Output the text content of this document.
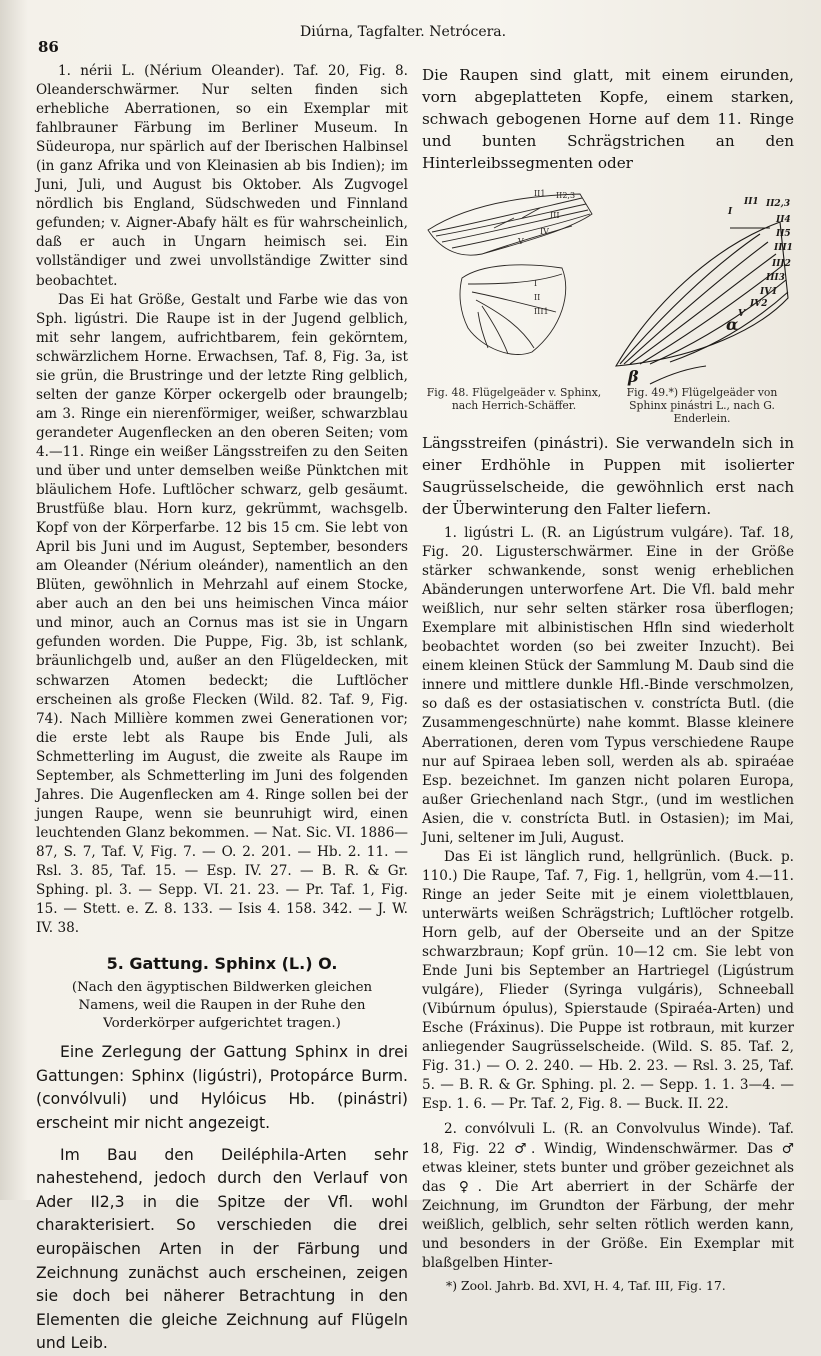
86
Diúrna, Tagfalter. Netrócera.

1. nérii L. (Nérium Oleander). Taf. 20, Fig. 8. Oleanderschwärmer. Nur selten finden sich erhebliche Aberrationen, so ein Exemplar mit fahlbrauner Färbung im Berliner Museum. In Südeuropa, nur spärlich auf der Iberischen Halbinsel (in ganz Afrika und von Kleinasien ab bis Indien); im Juni, Juli, und August bis Oktober. Als Zugvogel nördlich bis England, Südschweden und Finnland gefunden; v. Aigner-Abafy hält es für wahrscheinlich, daß er auch in Ungarn heimisch sei. Ein vollständiger und zwei unvollständige Zwitter sind beobachtet.

Das Ei hat Größe, Gestalt und Farbe wie das von Sph. ligústri. Die Raupe ist in der Jugend gelblich, mit sehr langem, aufrichtbarem, fein gekörntem, schwärzlichem Horne. Erwachsen, Taf. 8, Fig. 3a, ist sie grün, die Brustringe und der letzte Ring gelblich, selten der ganze Körper ockergelb oder braungelb; am 3. Ringe ein nierenförmiger, weißer, schwarzblau gerandeter Augenflecken an den oberen Seiten; vom 4.—11. Ringe ein weißer Längsstreifen zu den Seiten und über und unter demselben weiße Pünktchen mit bläulichem Hofe. Luftlöcher schwarz, gelb gesäumt. Brustfüße blau. Horn kurz, gekrümmt, wachsgelb. Kopf von der Körperfarbe. 12 bis 15 cm. Sie lebt von April bis Juni und im August, September, besonders am Oleander (Nérium oleánder), namentlich an den Blüten, gewöhnlich in Mehrzahl auf einem Stocke, aber auch an den bei uns heimischen Vinca máior und minor, auch an Cornus mas ist sie in Ungarn gefunden worden. Die Puppe, Fig. 3b, ist schlank, bräunlichgelb und, außer an den Flügeldecken, mit schwarzen Atomen bedeckt; die Luftlöcher erscheinen als große Flecken (Wild. 82. Taf. 9, Fig. 74). Nach Millière kommen zwei Generationen vor; die erste lebt als Raupe bis Ende Juli, als Schmetterling im August, die zweite als Raupe im September, als Schmetterling im Juni des folgenden Jahres. Die Augenflecken am 4. Ringe sollen bei der jungen Raupe, wenn sie beunruhigt wird, einen leuchtenden Glanz bekommen. — Nat. Sic. VI. 1886—87, S. 7, Taf. V, Fig. 7. — O. 2. 201. — Hb. 2. 11. — Rsl. 3. 85, Taf. 15. — Esp. IV. 27. — B. R. & Gr. Sphing. pl. 3. — Sepp. VI. 21. 23. — Pr. Taf. 1, Fig. 15. — Stett. e. Z. 8. 133. — Isis 4. 158. 342. — J. W. IV. 38.

5. Gattung. Sphinx (L.) O.
(Nach den ägyptischen Bildwerken gleichen Namens, weil die Raupen in der Ruhe den Vorderkörper aufgerichtet tragen.)

Eine Zerlegung der Gattung Sphinx in drei Gattungen: Sphinx (ligústri), Protopárce Burm. (convólvuli) und Hylóicus Hb. (pinástri) erscheint mir nicht angezeigt.

Im Bau den Deiléphila-Arten sehr nahestehend, jedoch durch den Verlauf von Ader II2,3 in die Spitze der Vfl. wohl charakterisiert. So verschieden die drei europäischen Arten in der Färbung und Zeichnung zunächst auch erscheinen, zeigen sie doch bei näherer Betrachtung in den Elementen die gleiche Zeichnung auf Flügeln und Leib.

Die Raupen sind glatt, mit einem eirunden, vorn abgeplatteten Kopfe, einem starken, schwach gebogenen Horne auf dem 11. Ringe und bunten Schrägstrichen an den Hinterleibssegmenten oder

II1 II2,3
III
IV
V
I
II
III1
Fig. 48. Flügelgeäder v. Sphinx, nach Herrich-Schäffer.
I
II1 II2,3
II4
II5
III1
III2
III3
IV1
IV2
V
α
β
Fig. 49.*) Flügelgeäder von Sphinx pinástri L., nach G. Enderlein.

Längsstreifen (pinástri). Sie verwandeln sich in einer Erdhöhle in Puppen mit isolierter Saugrüsselscheide, die gewöhnlich erst nach der Überwinterung den Falter liefern.

1. ligústri L. (R. an Ligústrum vulgáre). Taf. 18, Fig. 20. Ligusterschwärmer. Eine in der Größe stärker schwankende, sonst wenig erheblichen Abänderungen unterworfene Art. Die Vfl. bald mehr weißlich, nur sehr selten stärker rosa überflogen; Exemplare mit albinistischen Hfln sind wiederholt beobachtet worden (so bei zweiter Inzucht). Bei einem kleinen Stück der Sammlung M. Daub sind die innere und mittlere dunkle Hfl.-Binde verschmolzen, so daß es der ostasiatischen v. constrícta Butl. (die Zusammengeschnürte) nahe kommt. Blasse kleinere Aberrationen, deren vom Typus verschiedene Raupe nur auf Spiraea leben soll, werden als ab. spiraéae Esp. bezeichnet. Im ganzen nicht polaren Europa, außer Griechenland nach Stgr., (und im westlichen Asien, die v. constrícta Butl. in Ostasien); im Mai, Juni, seltener im Juli, August.

Das Ei ist länglich rund, hellgrünlich. (Buck. p. 110.) Die Raupe, Taf. 7, Fig. 1, hellgrün, vom 4.—11. Ringe an jeder Seite mit je einem violettblauen, unterwärts weißen Schrägstrich; Luftlöcher rotgelb. Horn gelb, auf der Oberseite und an der Spitze schwarzbraun; Kopf grün. 10—12 cm. Sie lebt von Ende Juni bis September an Hartriegel (Ligústrum vulgáre), Flieder (Syringa vulgáris), Schneeball (Vibúrnum ópulus), Spierstaude (Spiraéa-Arten) und Esche (Fráxinus). Die Puppe ist rotbraun, mit kurzer anliegender Saugrüsselscheide. (Wild. S. 85. Taf. 2, Fig. 31.) — O. 2. 240. — Hb. 2. 23. — Rsl. 3. 25, Taf. 5. — B. R. & Gr. Sphing. pl. 2. — Sepp. 1. 1. 3—4. — Esp. 1. 6. — Pr. Taf. 2, Fig. 8. — Buck. II. 22.

2. convólvuli L. (R. an Convolvulus Winde). Taf. 18, Fig. 22 ♂. Windig, Windenschwärmer. Das ♂ etwas kleiner, stets bunter und gröber gezeichnet als das ♀. Die Art aberriert in der Schärfe der Zeichnung, im Grundton der Färbung, der mehr weißlich, gelblich, sehr selten rötlich werden kann, und besonders in der Größe. Ein Exemplar mit blaßgelben Hinter-

*) Zool. Jahrb. Bd. XVI, H. 4, Taf. III, Fig. 17.
